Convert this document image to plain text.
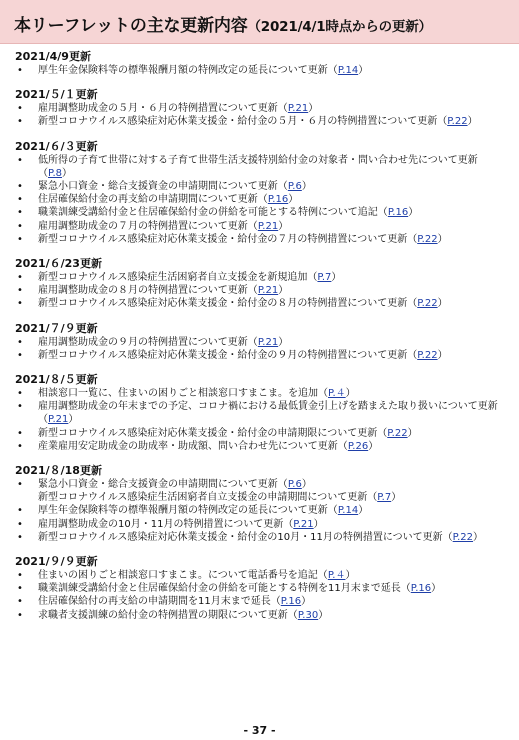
本リーフレットの主な更新内容（2021/4/1時点からの更新）
2021/4/9更新
• 厚生年金保険料等の標準報酬月額の特例改定の延長について更新（P.14）
2021/５/１更新
• 雇用調整助成金の５月・６月の特例措置について更新（P.21）
• 新型コロナウイルス感染症対応休業支援金・給付金の５月・６月の特例措置について更新（P.22）
2021/６/３更新
• 低所得の子育て世帯に対する子育て世帯生活支援特別給付金の対象者・問い合わせ先について更新（P.8）
• 緊急小口資金・総合支援資金の申請期間について更新（P.6）
• 住居確保給付金の再支給の申請期間について更新（P.16）
• 職業訓練受講給付金と住居確保給付金の併給を可能とする特例について追記（P.16）
• 雇用調整助成金の７月の特例措置について更新（P.21）
• 新型コロナウイルス感染症対応休業支援金・給付金の７月の特例措置について更新（P.22）
2021/６/23更新
• 新型コロナウイルス感染症生活困窮者自立支援金を新規追加（P.7）
• 雇用調整助成金の８月の特例措置について更新（P.21）
• 新型コロナウイルス感染症対応休業支援金・給付金の８月の特例措置について更新（P.22）
2021/７/９更新
• 雇用調整助成金の９月の特例措置について更新（P.21）
• 新型コロナウイルス感染症対応休業支援金・給付金の９月の特例措置について更新（P.22）
2021/８/５更新
• 相談窓口一覧に、住まいの困りごと相談窓口すまこま。を追加（P.４）
• 雇用調整助成金の年末までの予定、コロナ禍における最低賃金引上げを踏まえた取り扱いについて更新（P.21）
• 新型コロナウイルス感染症対応休業支援金・給付金の申請期限について更新（P.22）
• 産業雇用安定助成金の助成率・助成額、問い合わせ先について更新（P.26）
2021/８/18更新
• 緊急小口資金・総合支援資金の申請期間について更新（P.6）
新型コロナウイルス感染症生活困窮者自立支援金の申請期間について更新（P.7）
• 厚生年金保険料等の標準報酬月額の特例改定の延長について更新（P.14）
• 雇用調整助成金の10月・11月の特例措置について更新（P.21）
• 新型コロナウイルス感染症対応休業支援金・給付金の10月・11月の特例措置について更新（P.22）
2021/９/９更新
• 住まいの困りごと相談窓口すまこま。について電話番号を追記（P.４）
• 職業訓練受講給付金と住居確保給付金の併給を可能とする特例を11月末まで延長（P.16）
• 住居確保給付の再支給の申請期間を11月末まで延長（P.16）
• 求職者支援訓練の給付金の特例措置の期限について更新（P.30）
- 37 -
